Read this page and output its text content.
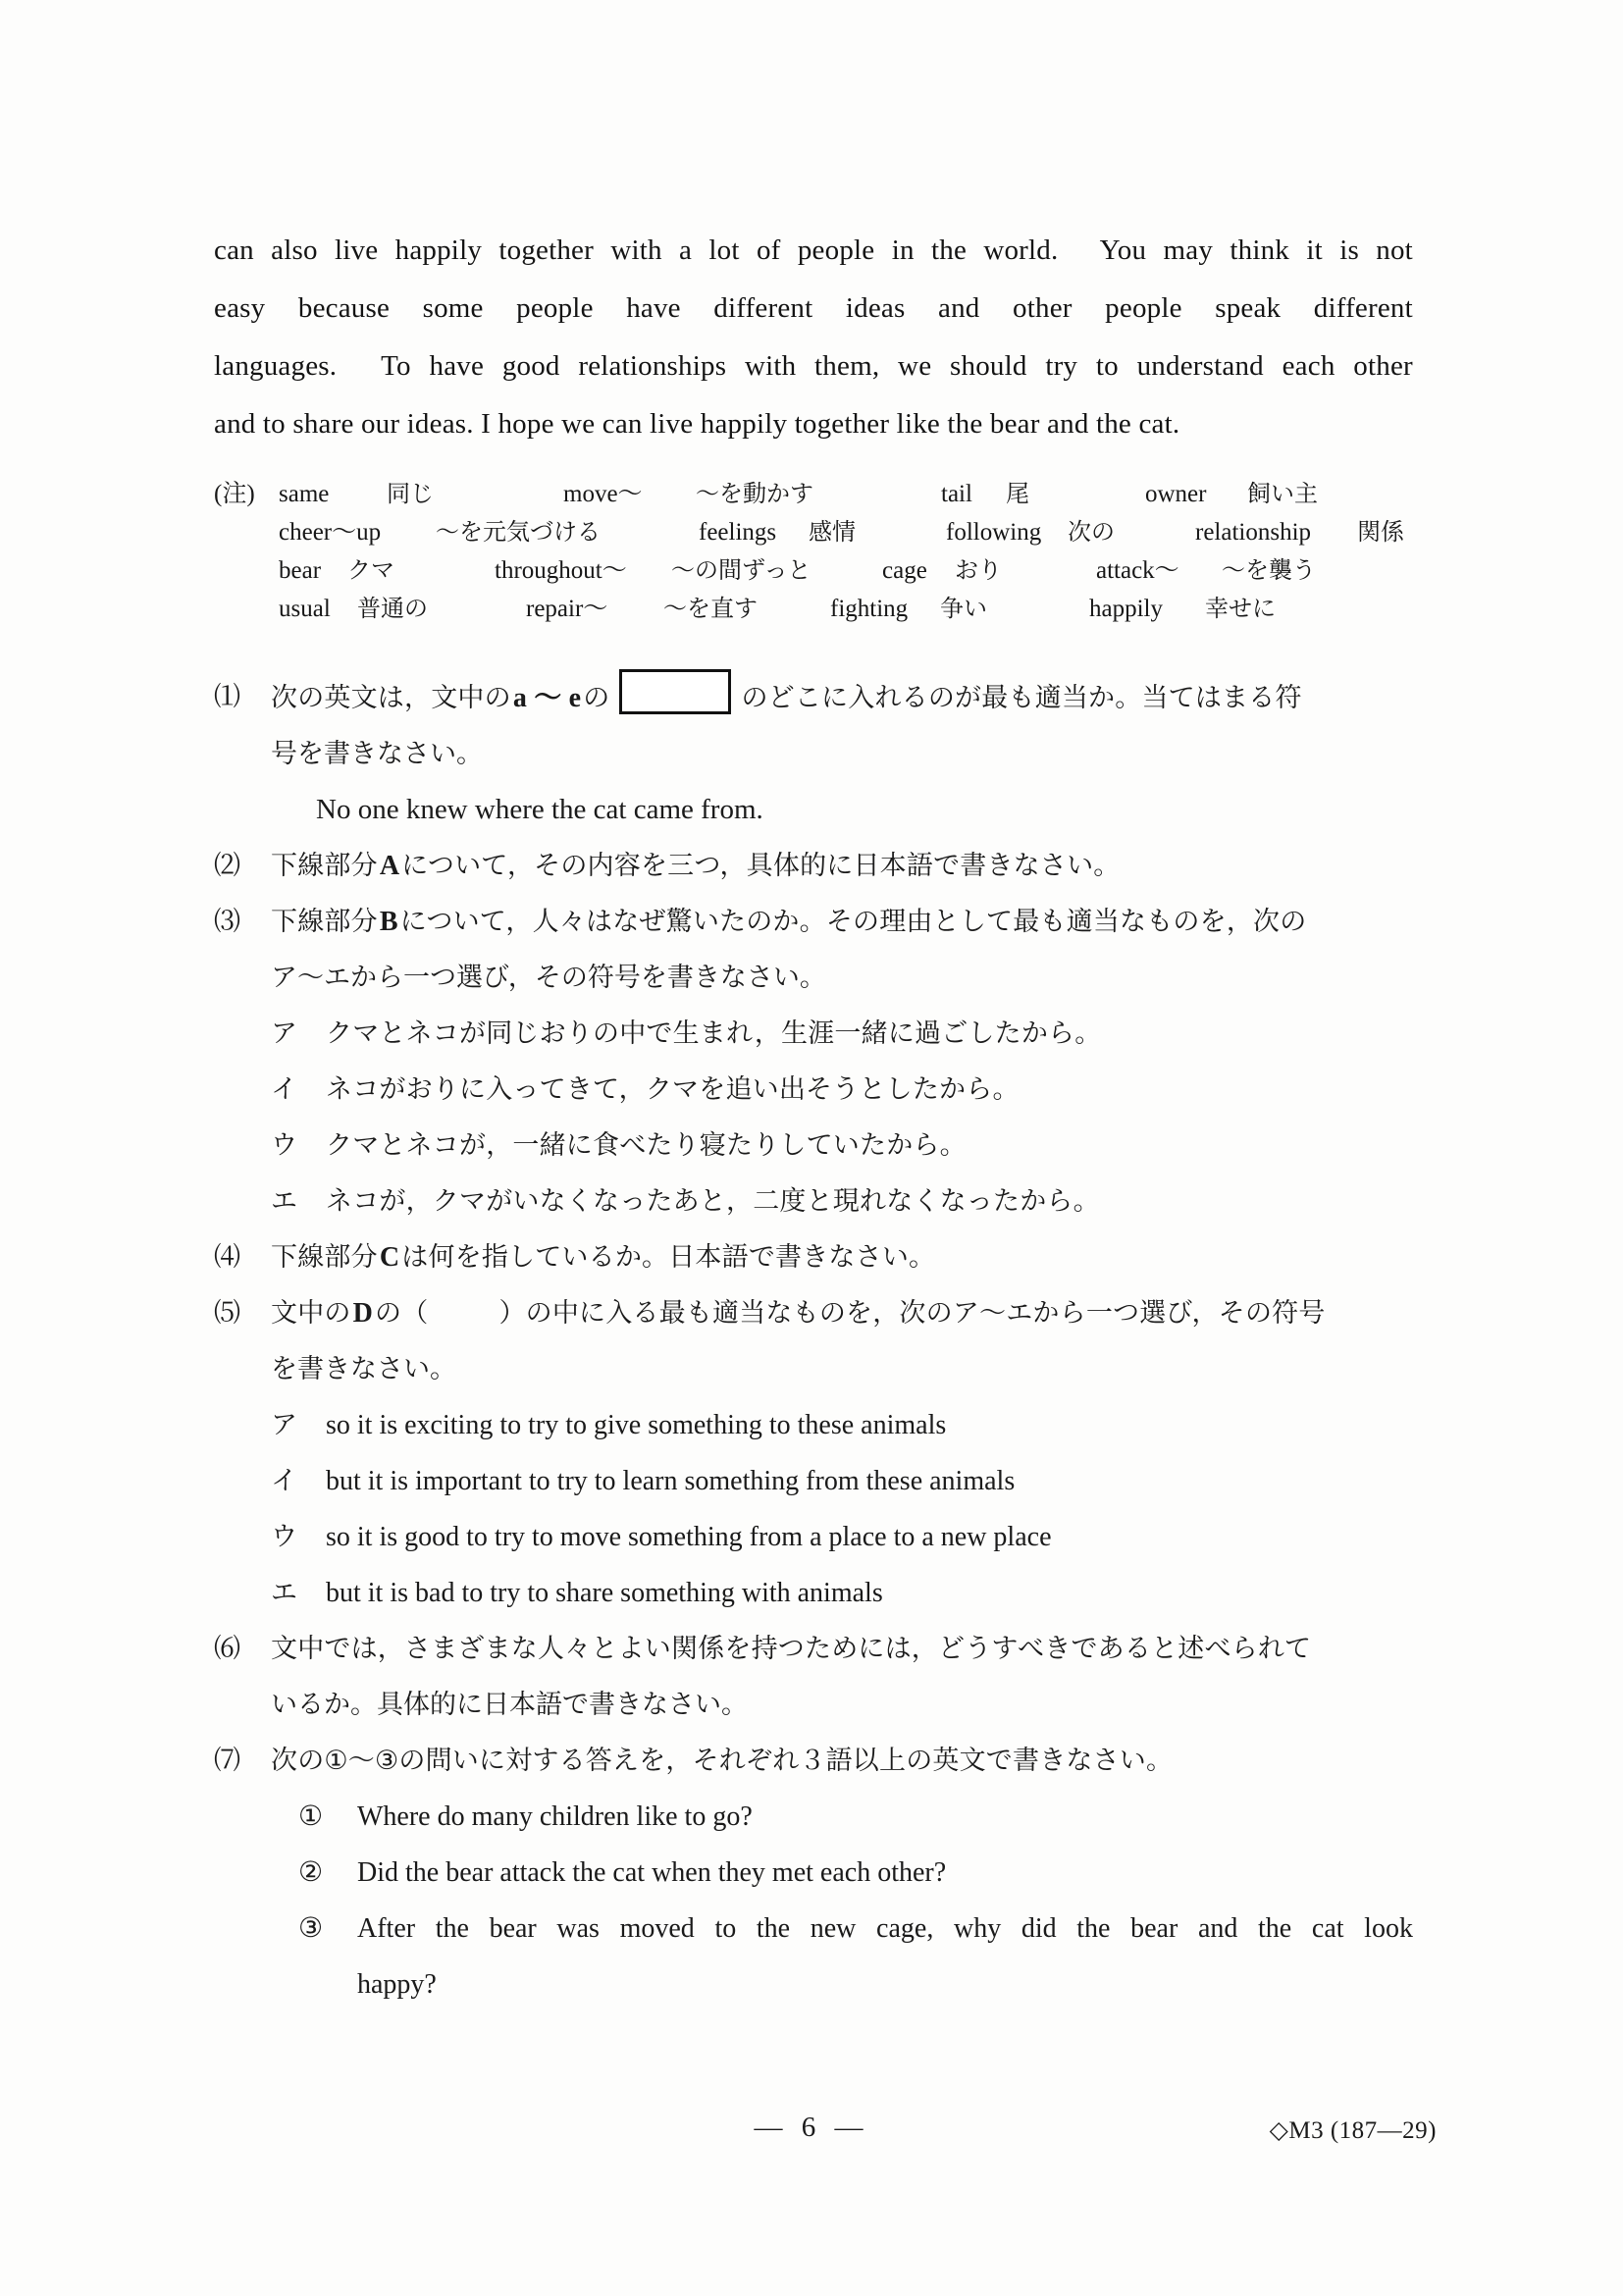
can also live happily together with a lot of people in the world.
You may think it is not
easy because some people have different ideas and other people speak different
languages.
To have good relationships with them, we should try to understand each other
and to share our ideas. I hope we can live happily together like the bear and the cat.
(注) same	同じ	move～	～を動かす	tail	尾	owner	飼い主
cheer～up	～を元気づける	feelings	感情	following	次の	relationship	関係
bear	クマ	throughout～	～の間ずっと	cage	おり	attack～	～を襲う
usual	普通の	repair～	～を直す	fighting	争い	happily	幸せに
⑴	次の英文は，文中のa ～ eの	のどこに入れるのが最も適当か。当てはまる符
号を書きなさい。
No one knew where the cat came from.
⑵	下線部分Aについて，その内容を三つ，具体的に日本語で書きなさい。
⑶	下線部分Bについて，人々はなぜ驚いたのか。その理由として最も適当なものを，次の
ア～エから一つ選び，その符号を書きなさい。
ア	クマとネコが同じおりの中で生まれ，生涯一緒に過ごしたから。
イ	ネコがおりに入ってきて，クマを追い出そうとしたから。
ウ	クマとネコが，一緒に食べたり寝たりしていたから。
エ	ネコが，クマがいなくなったあと，二度と現れなくなったから。
⑷	下線部分Cは何を指しているか。日本語で書きなさい。
⑸	文中のDの（	）の中に入る最も適当なものを，次のア～エから一つ選び，その符号
を書きなさい。
ア	so it is exciting to try to give something to these animals
イ	but it is important to try to learn something from these animals
ウ	so it is good to try to move something from a place to a new place
エ	but it is bad to try to share something with animals
⑹	文中では，さまざまな人々とよい関係を持つためには，どうすべきであると述べられて
いるか。具体的に日本語で書きなさい。
⑺	次の①～③の問いに対する答えを，それぞれ３語以上の英文で書きなさい。
①	Where do many children like to go?
②	Did the bear attack the cat when they met each other?
③	After the bear was moved to the new cage, why did the bear and the cat look
happy?
— 6 —	◇M3 (187—29)
